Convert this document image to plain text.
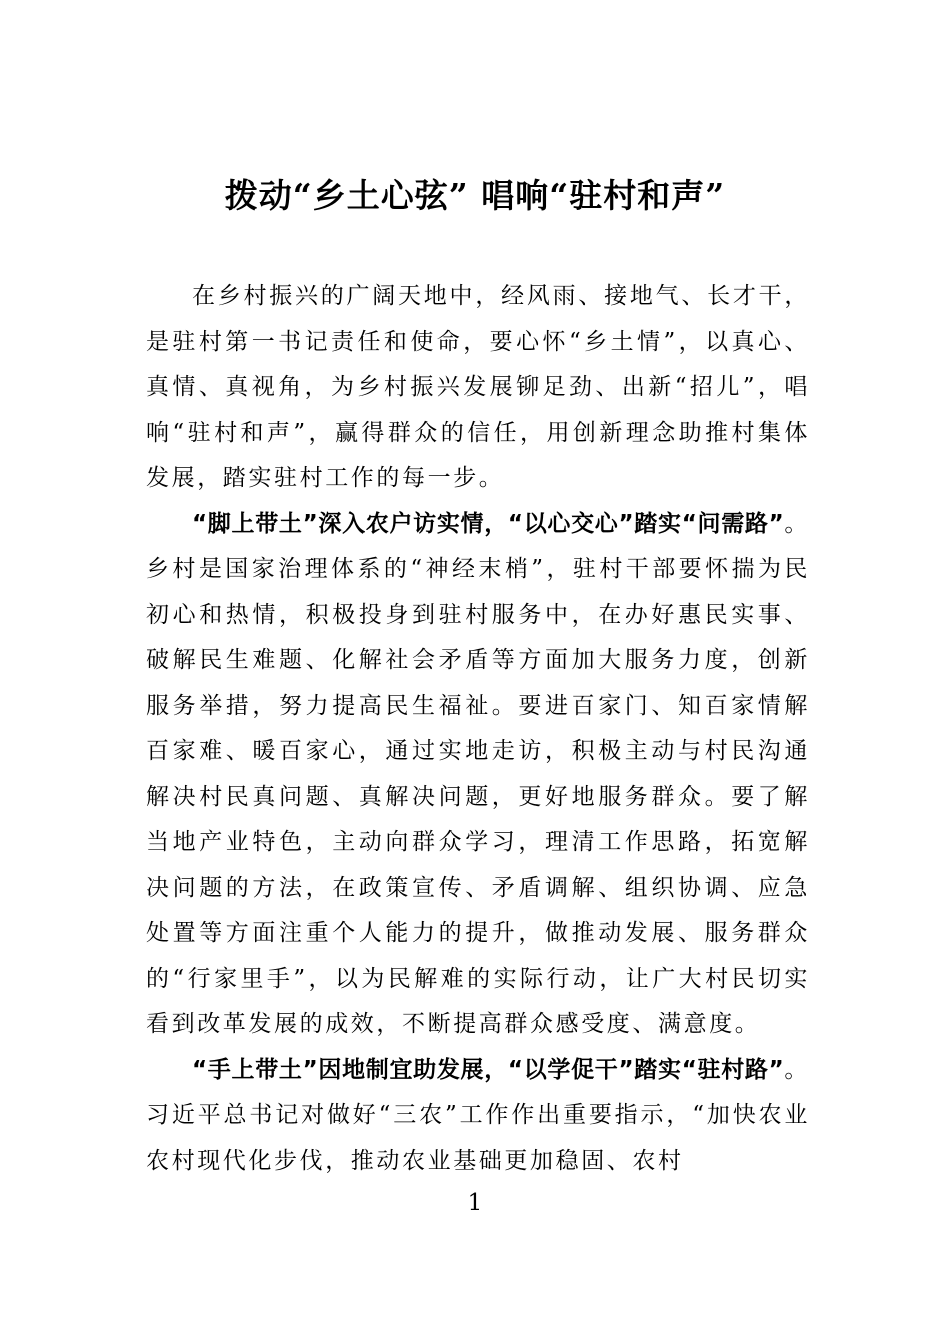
拨动“乡土心弦” 唱响“驻村和声”

在乡村振兴的广阔天地中，经风雨、接地气、长才干，是驻村第一书记责任和使命，要心怀“乡土情”，以真心、真情、真视角，为乡村振兴发展铆足劲、出新“招儿”，唱响“驻村和声”，赢得群众的信任，用创新理念助推村集体发展，踏实驻村工作的每一步。

“脚上带土”深入农户访实情，“以心交心”踏实“问需路”。乡村是国家治理体系的“神经末梢”，驻村干部要怀揣为民初心和热情，积极投身到驻村服务中，在办好惠民实事、破解民生难题、化解社会矛盾等方面加大服务力度，创新服务举措，努力提高民生福祉。要进百家门、知百家情解百家难、暖百家心，通过实地走访，积极主动与村民沟通解决村民真问题、真解决问题，更好地服务群众。要了解当地产业特色，主动向群众学习，理清工作思路，拓宽解决问题的方法，在政策宣传、矛盾调解、组织协调、应急处置等方面注重个人能力的提升，做推动发展、服务群众的“行家里手”，以为民解难的实际行动，让广大村民切实看到改革发展的成效，不断提高群众感受度、满意度。

“手上带土”因地制宜助发展，“以学促干”踏实“驻村路”。习近平总书记对做好“三农”工作作出重要指示，“加快农业农村现代化步伐，推动农业基础更加稳固、农村

1
